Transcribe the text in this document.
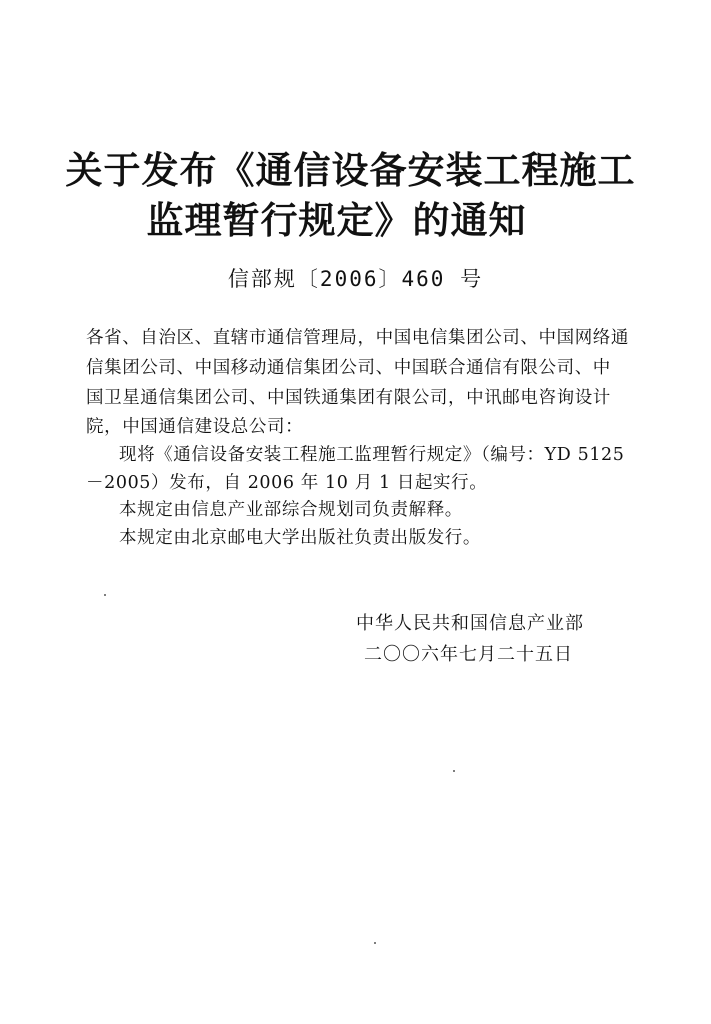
关于发布《通信设备安装工程施工
监理暂行规定》的通知
信部规〔2006〕460 号
各省、自治区、直辖市通信管理局，中国电信集团公司、中国网络通
信集团公司、中国移动通信集团公司、中国联合通信有限公司、中
国卫星通信集团公司、中国铁通集团有限公司，中讯邮电咨询设计
院，中国通信建设总公司：
现将《通信设备安装工程施工监理暂行规定》（编号：YD 5125
－2005）发布，自 2006 年 10 月 1 日起实行。
本规定由信息产业部综合规划司负责解释。
本规定由北京邮电大学出版社负责出版发行。
中华人民共和国信息产业部
二〇〇六年七月二十五日
